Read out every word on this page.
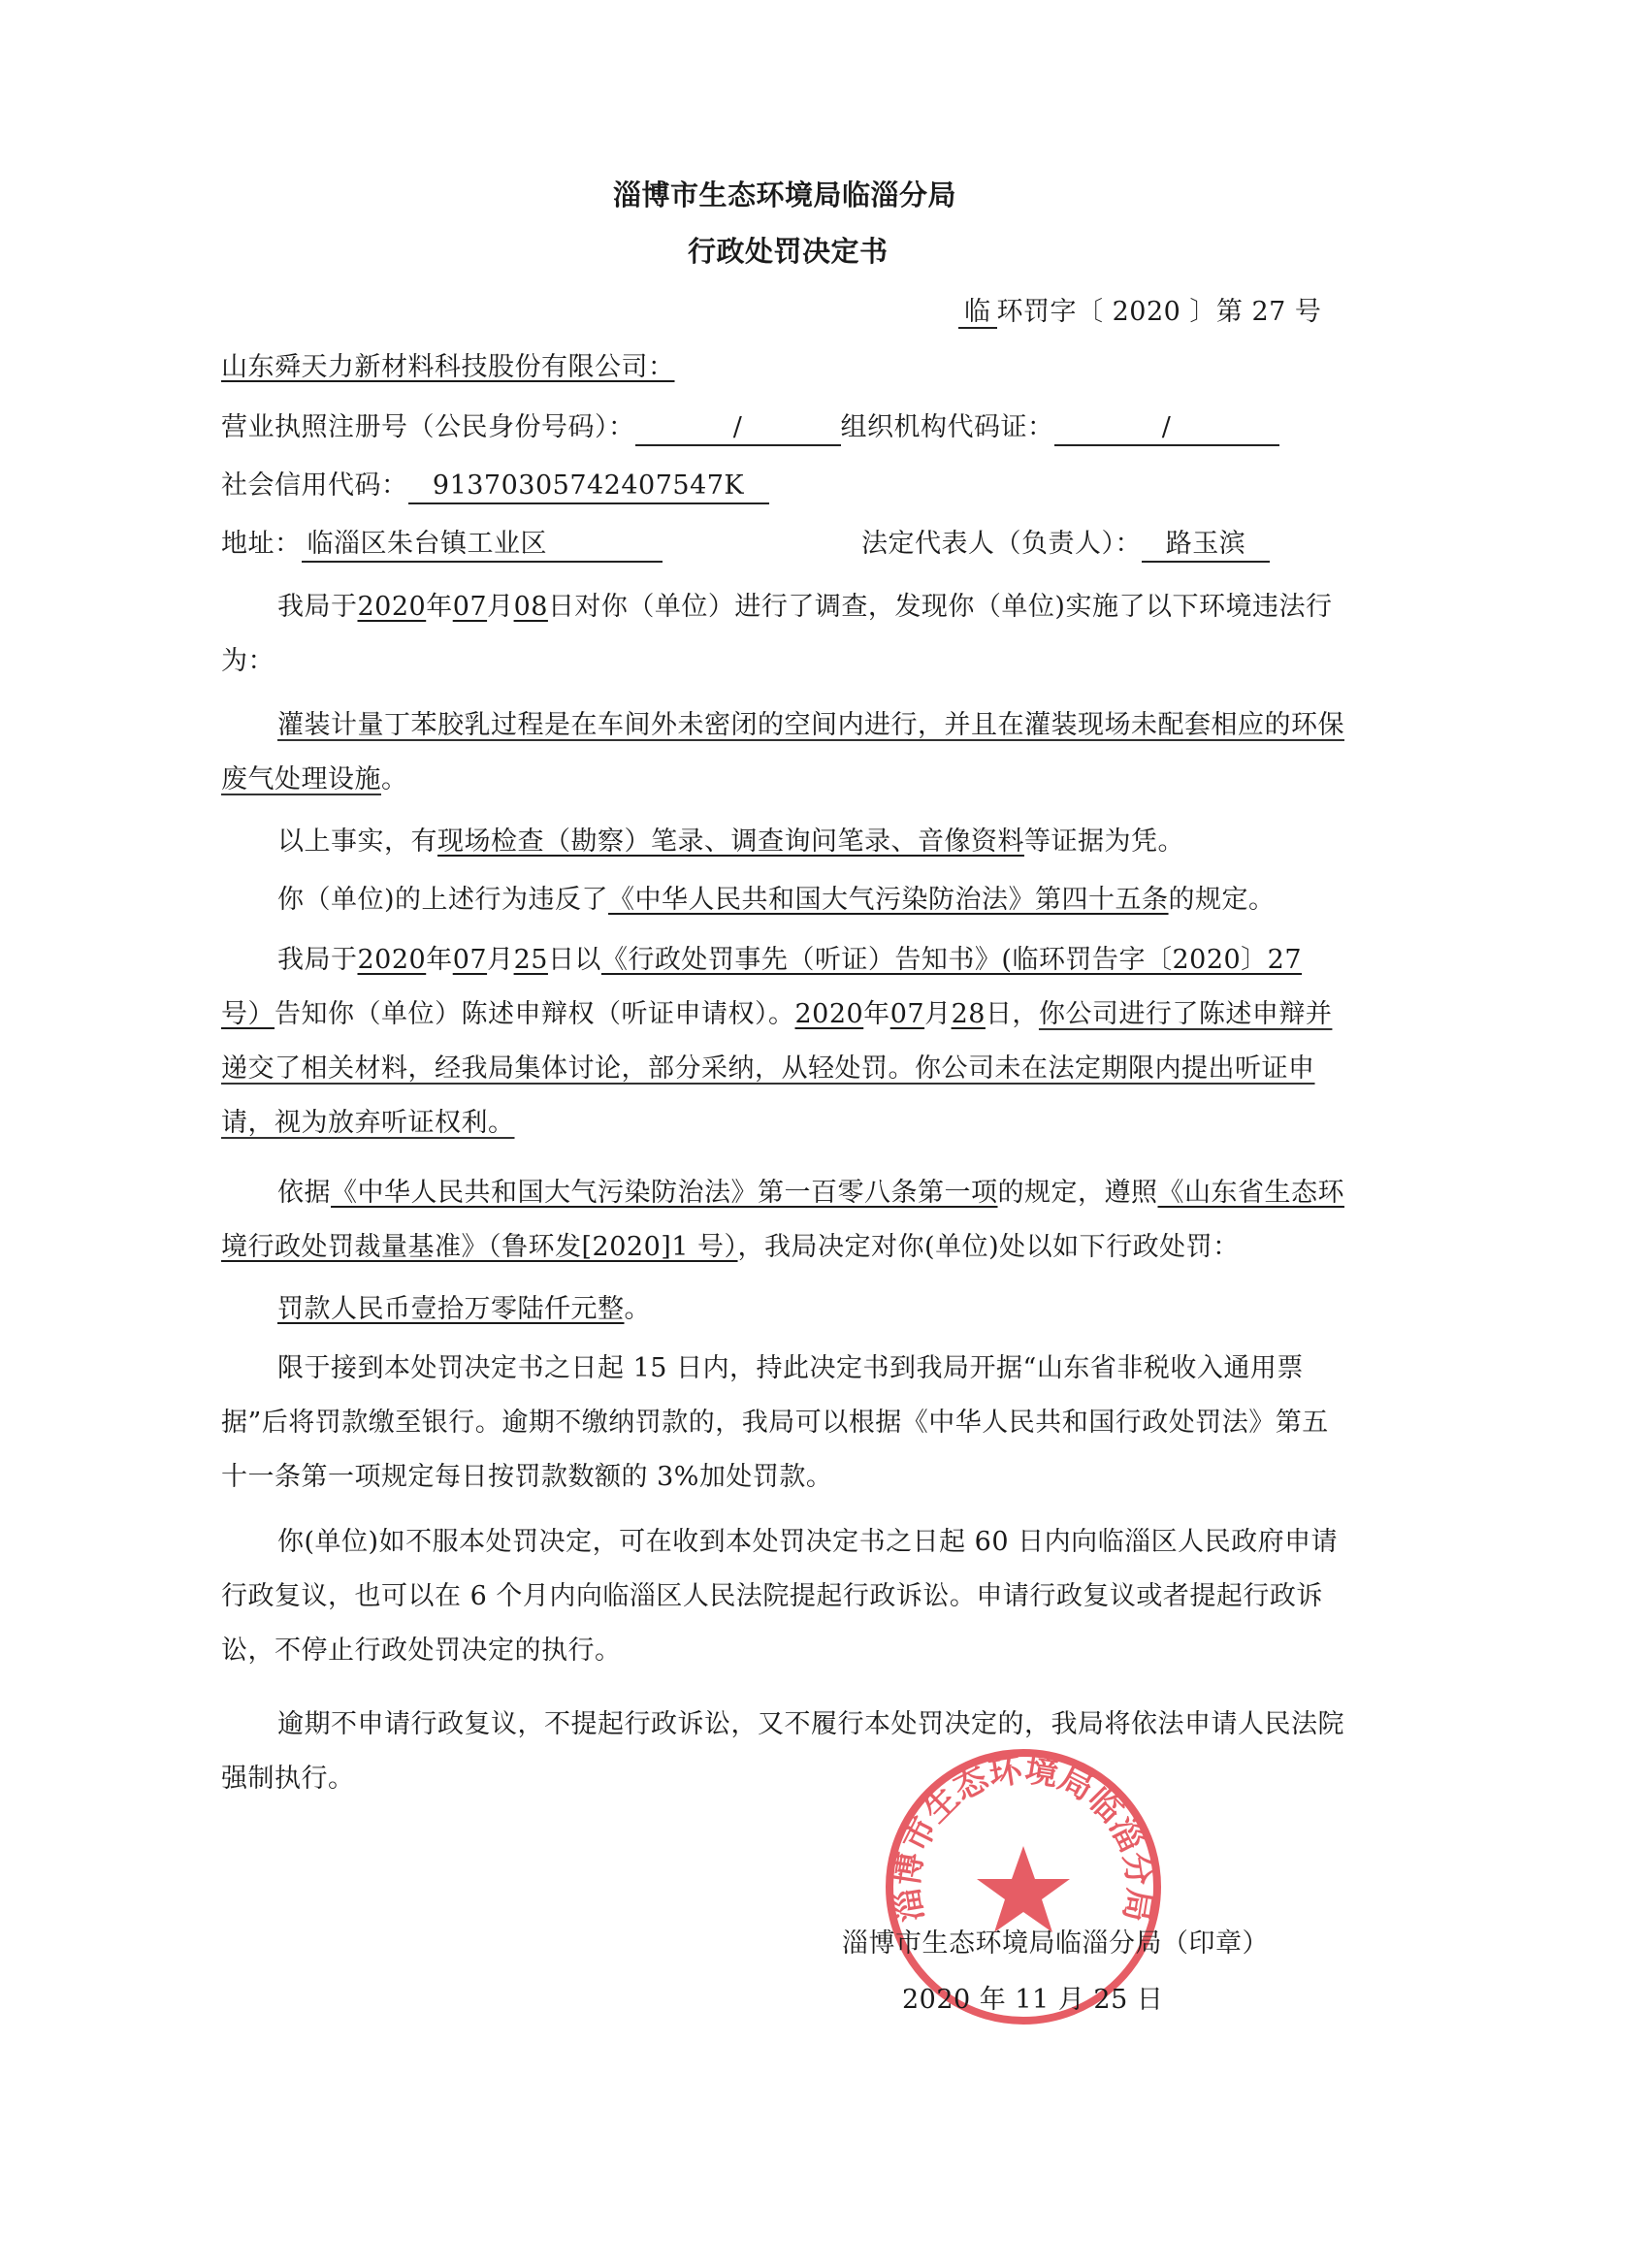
淄博市生态环境局临淄分局
行政处罚决定书
临 环罚字〔 2020 〕第 27 号
山东舜天力新材料科技股份有限公司：
营业执照注册号（公民身份号码）：	/	组织机构代码证：	/
社会信用代码： 91370305742407547K
地址： 临淄区朱台镇工业区	法定代表人（负责人）： 路玉滨
我局于2020年07月08日对你（单位）进行了调查，发现你（单位)实施了以下环境违法行为：
灌装计量丁苯胶乳过程是在车间外未密闭的空间内进行，并且在灌装现场未配套相应的环保废气处理设施。
以上事实，有现场检查（勘察）笔录、调查询问笔录、音像资料等证据为凭。
你（单位)的上述行为违反了《中华人民共和国大气污染防治法》第四十五条的规定。
我局于2020年07月25日以《行政处罚事先（听证）告知书》(临环罚告字〔2020〕27 号）告知你（单位）陈述申辩权（听证申请权）。2020年07月28日，你公司进行了陈述申辩并递交了相关材料，经我局集体讨论，部分采纳，从轻处罚。你公司未在法定期限内提出听证申请，视为放弃听证权利。
依据《中华人民共和国大气污染防治法》第一百零八条第一项的规定，遵照《山东省生态环境行政处罚裁量基准》（鲁环发[2020]1 号），我局决定对你(单位)处以如下行政处罚：
罚款人民币壹拾万零陆仟元整。
限于接到本处罚决定书之日起 15 日内，持此决定书到我局开据“山东省非税收入通用票据”后将罚款缴至银行。逾期不缴纳罚款的，我局可以根据《中华人民共和国行政处罚法》第五十一条第一项规定每日按罚款数额的 3%加处罚款。
你(单位)如不服本处罚决定，可在收到本处罚决定书之日起 60 日内向临淄区人民政府申请行政复议，也可以在 6 个月内向临淄区人民法院提起行政诉讼。申请行政复议或者提起行政诉讼，不停止行政处罚决定的执行。
逾期不申请行政复议，不提起行政诉讼，又不履行本处罚决定的，我局将依法申请人民法院强制执行。
淄博市生态环境局临淄分局
淄博市生态环境局临淄分局（印章）
2020 年 11 月 25 日
